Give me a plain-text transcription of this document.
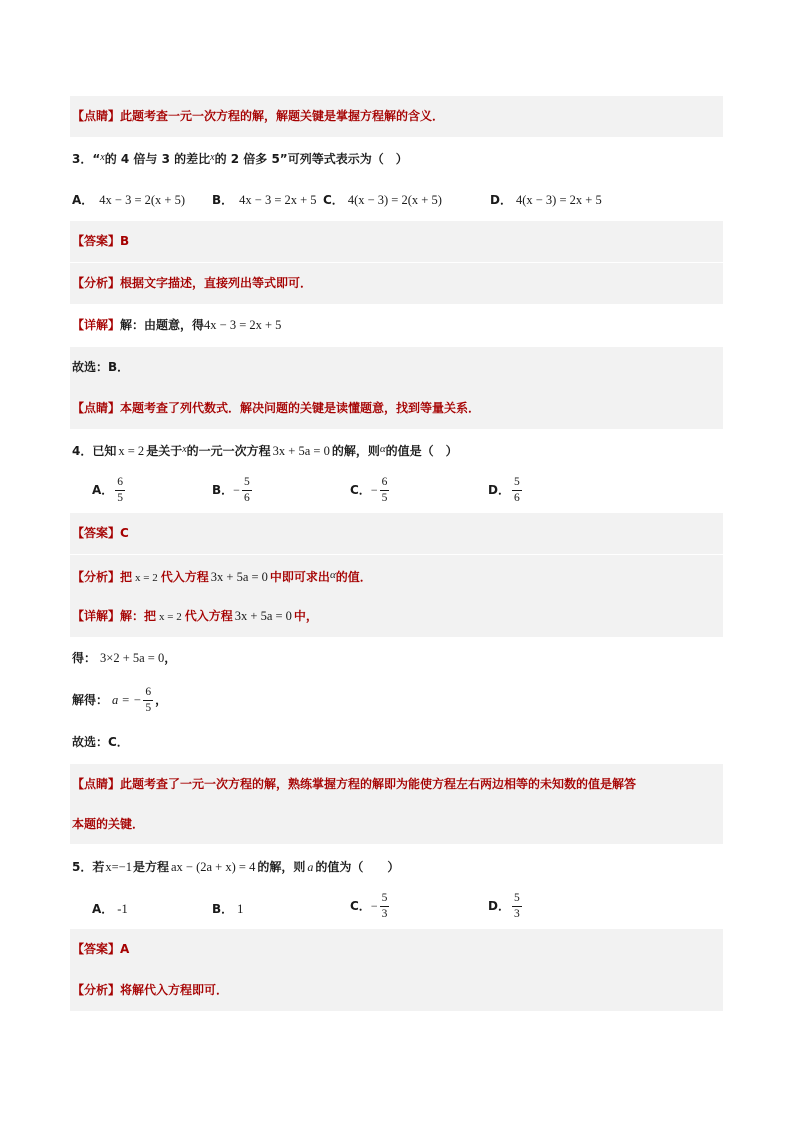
【点睛】此题考查一元一次方程的解，解题关键是掌握方程解的含义．
3．“$^x$的 4 倍与 3 的差比$^x$的 2 倍多 5”可列等式表示为（　）
A． 4x − 3 = 2(x + 5) B． 4x − 3 = 2x + 5 C． 4(x − 3) = 2(x + 5)	D． 4(x − 3) = 2x + 5
【答案】B
【分析】根据文字描述，直接列出等式即可．
【详解】解：由题意，得4x − 3 = 2x + 5
故选：B．
【点睛】本题考查了列代数式．解决问题的关键是读懂题意，找到等量关系．
4．已知 x = 2 是关于$^x$的一元一次方程 3x + 5a = 0 的解，则α的值是（　）
A． $\frac{6}{5}$	B．− $\frac{5}{6}$	C．− $\frac{6}{5}$	D． $\frac{5}{6}$
【答案】C
【分析】把 x = 2 代入方程 3x + 5a = 0 中即可求出α的值．
【详解】解：把 x = 2 代入方程 3x + 5a = 0 中，
得： 3×2 + 5a = 0，
解得： a = − $\frac{6}{5}$ ，
故选：C．
【点睛】此题考查了一元一次方程的解，熟练掌握方程的解即为能使方程左右两边相等的未知数的值是解答
本题的关键．
5．若x=−1是方程 ax − (2a + x) = 4 的解，则 a 的值为（　　）
A． -1	B． 1	C．− $\frac{5}{3}$	D． $\frac{5}{3}$
【答案】A
【分析】将解代入方程即可．
